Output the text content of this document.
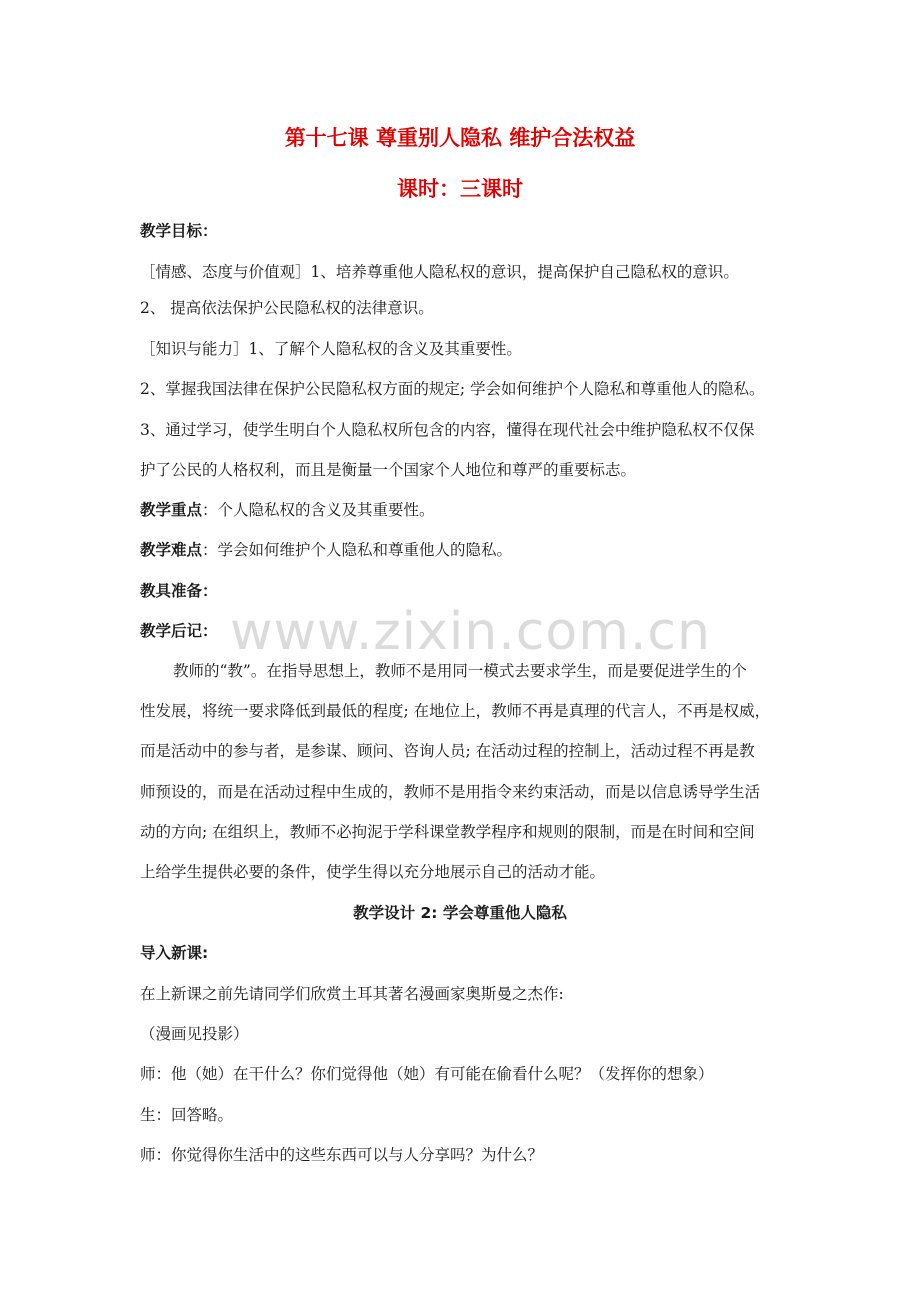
第十七课 尊重别人隐私 维护合法权益
课时：三课时
教学目标：
［情感、态度与价值观］1、培养尊重他人隐私权的意识，提高保护自己隐私权的意识。
2、 提高依法保护公民隐私权的法律意识。
［知识与能力］1、了解个人隐私权的含义及其重要性。
2、掌握我国法律在保护公民隐私权方面的规定; 学会如何维护个人隐私和尊重他人的隐私。
3、通过学习，使学生明白个人隐私权所包含的内容，懂得在现代社会中维护隐私权不仅保
护了公民的人格权利，而且是衡量一个国家个人地位和尊严的重要标志。
教学重点：个人隐私权的含义及其重要性。
教学难点：学会如何维护个人隐私和尊重他人的隐私。
教具准备：
教学后记： www.zixin.com.cn
教师的“教”。在指导思想上，教师不是用同一模式去要求学生，而是要促进学生的个
性发展，将统一要求降低到最低的程度; 在地位上，教师不再是真理的代言人，不再是权威，
而是活动中的参与者，是参谋、顾问、咨询人员; 在活动过程的控制上，活动过程不再是教
师预设的，而是在活动过程中生成的，教师不是用指令来约束活动，而是以信息诱导学生活
动的方向; 在组织上，教师不必拘泥于学科课堂教学程序和规则的限制，而是在时间和空间
上给学生提供必要的条件，使学生得以充分地展示自己的活动才能。
教学设计 2: 学会尊重他人隐私
导入新课:
在上新课之前先请同学们欣赏土耳其著名漫画家奥斯曼之杰作:
（漫画见投影）
师：他（她）在干什么？你们觉得他（她）有可能在偷看什么呢？（发挥你的想象）
生：回答略。
师：你觉得你生活中的这些东西可以与人分享吗？为什么？
